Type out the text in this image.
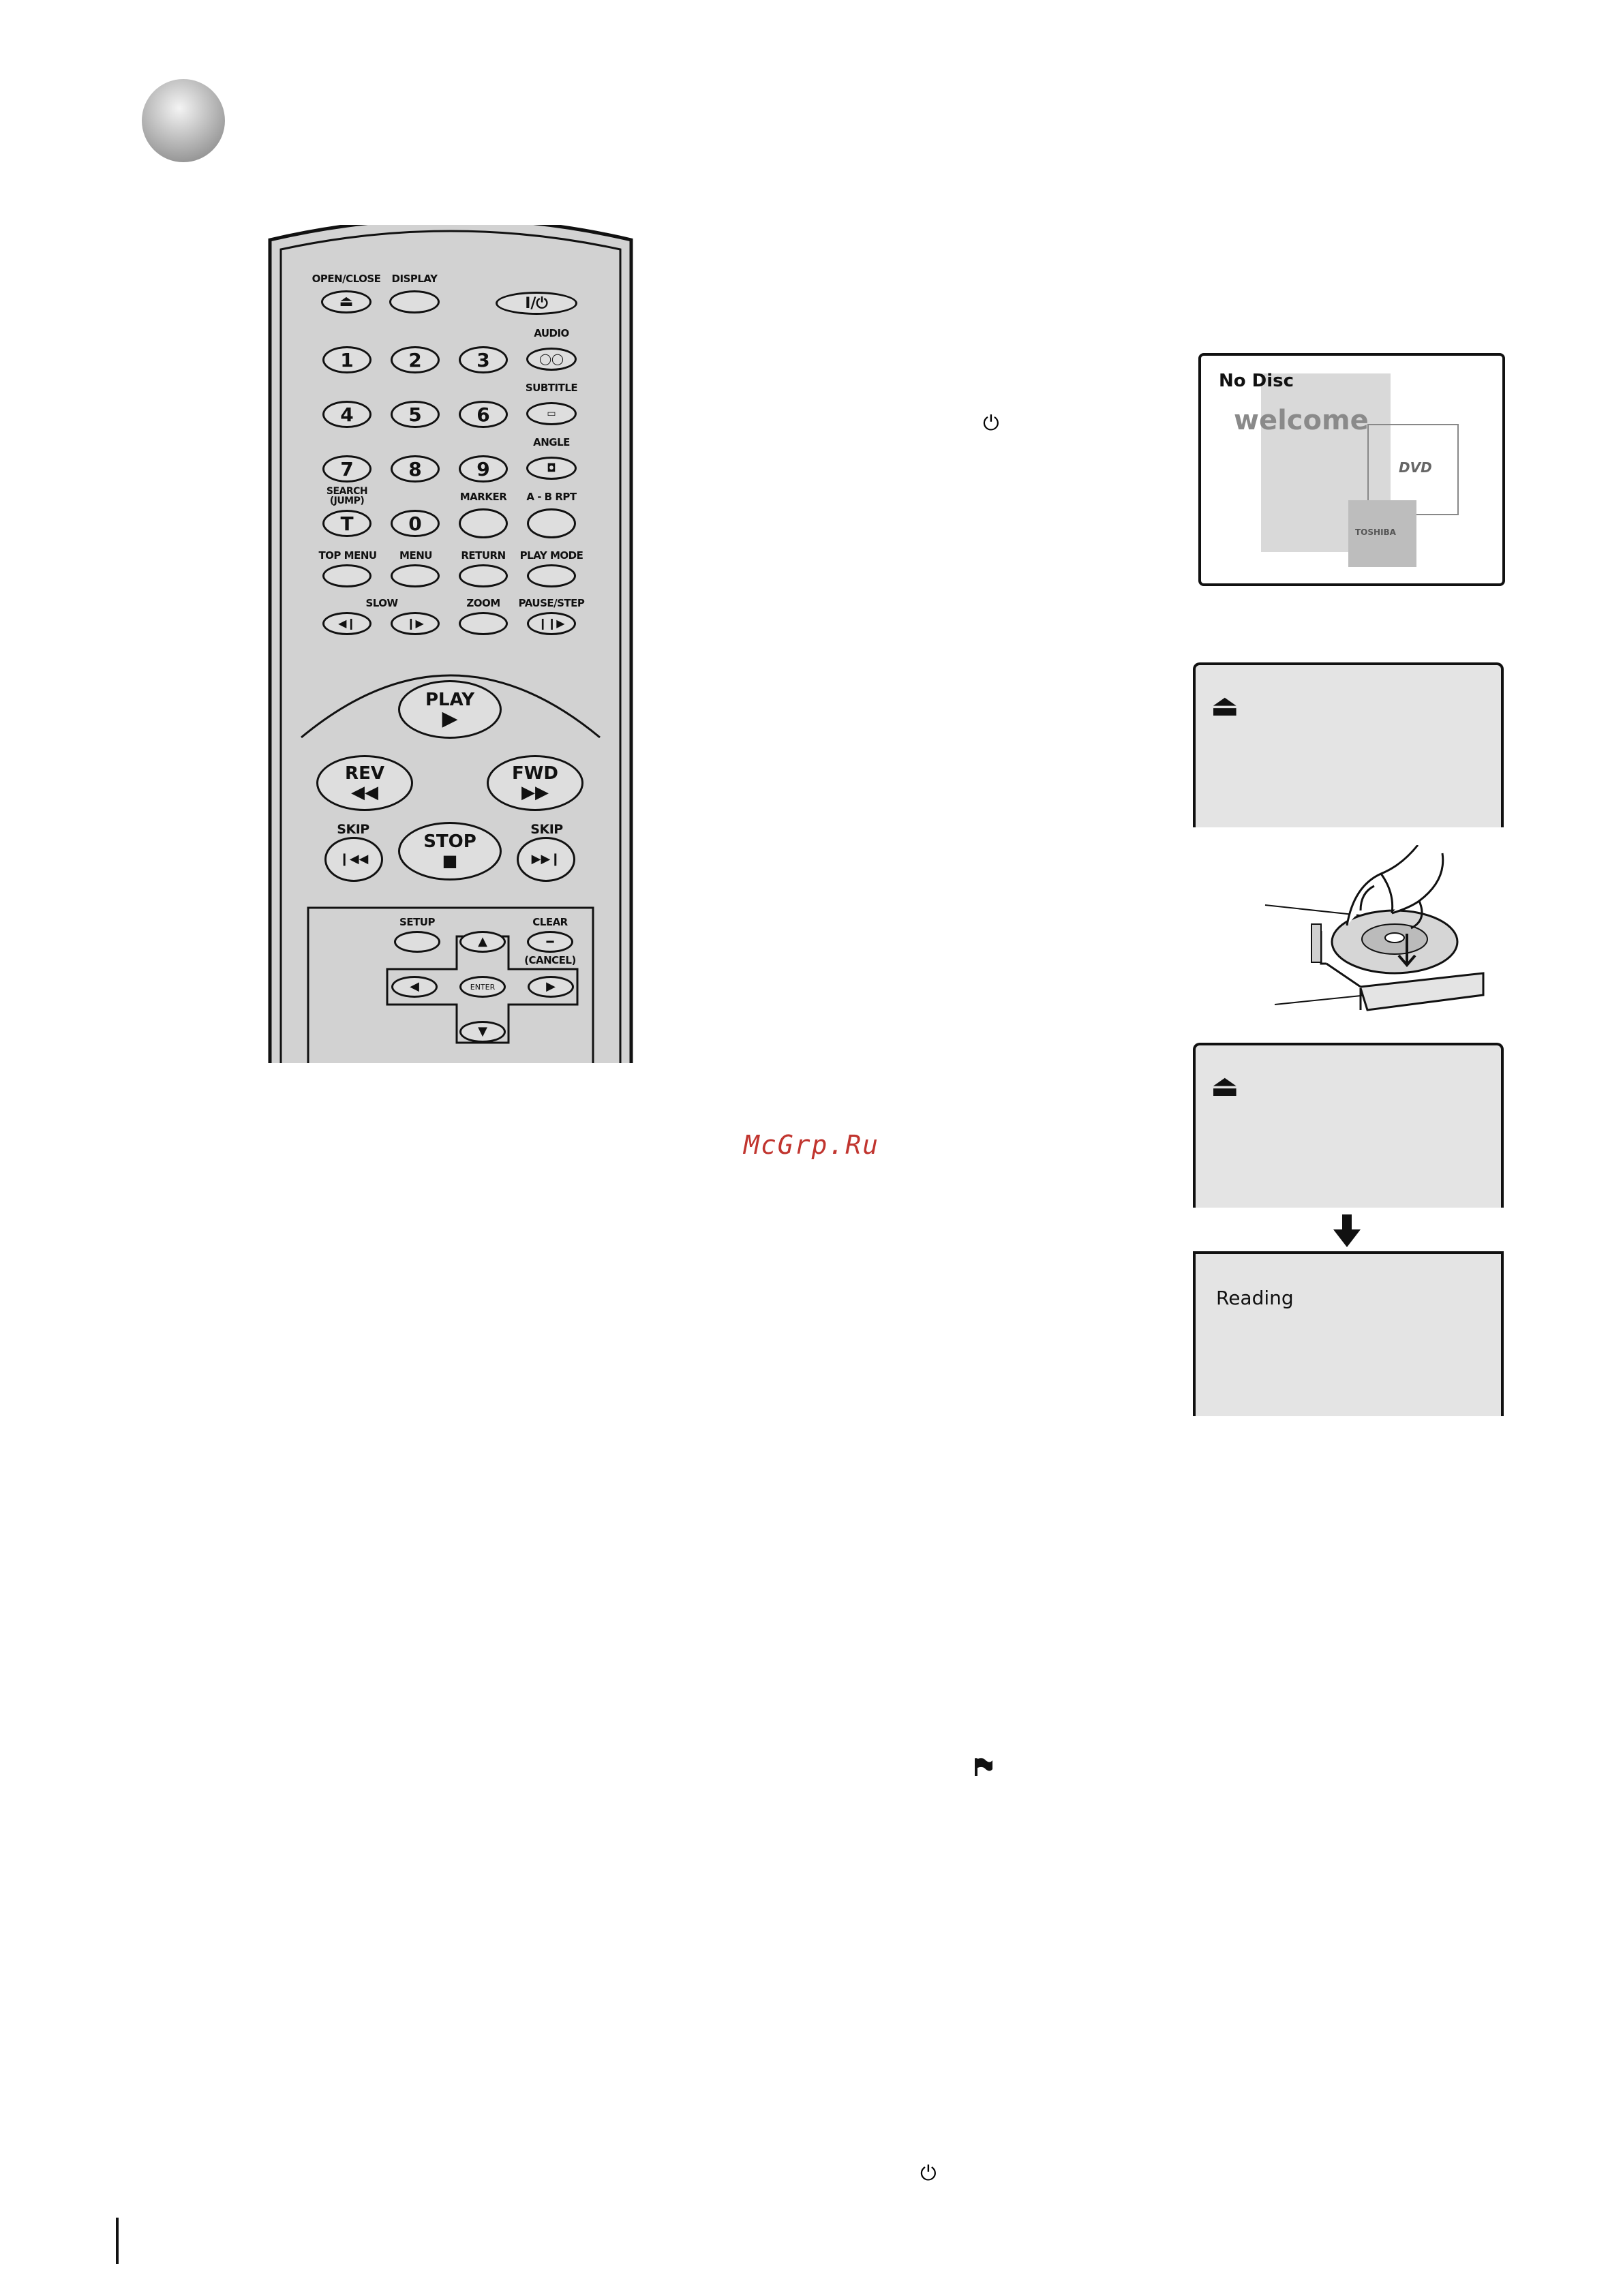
OPEN/CLOSE DISPLAY
⏏	I/⏻
1	2	3
AUDIO
◯◯
4	5	6
SUBTITLE
▭
7	8	9
ANGLE
◘
SEARCH
(JUMP)
T	0
MARKER A - B RPT
TOP MENU MENU	RETURN PLAY MODE
SLOW	ZOOM PAUSE/STEP
◀❙	❙▶	❙❙▶
PLAY
▶
REV
◀◀
FWD
▶▶
SKIP
❙◀◀
STOP
■
SKIP
▶▶❙
SETUP
▲
CLEAR
━
(CANCEL)
◀	ENTER	▶
▼
⏻
DVD
TOSHIBA
No Disc
welcome
⏏
⏏
Reading
McGrp.Ru
⏻
